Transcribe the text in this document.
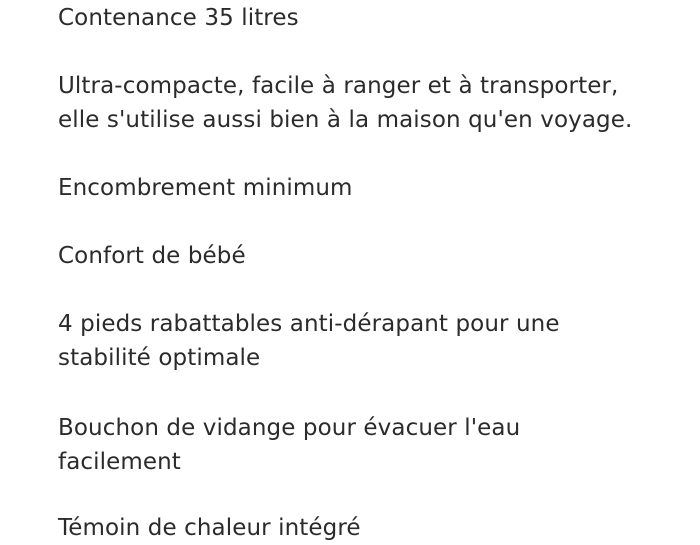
Contenance 35 litres

Ultra-compacte, facile à ranger et à transporter,
elle s'utilise aussi bien à la maison qu'en voyage.

Encombrement minimum

Confort de bébé

4 pieds rabattables anti-dérapant pour une
stabilité optimale

Bouchon de vidange pour évacuer l'eau
facilement

Témoin de chaleur intégré
